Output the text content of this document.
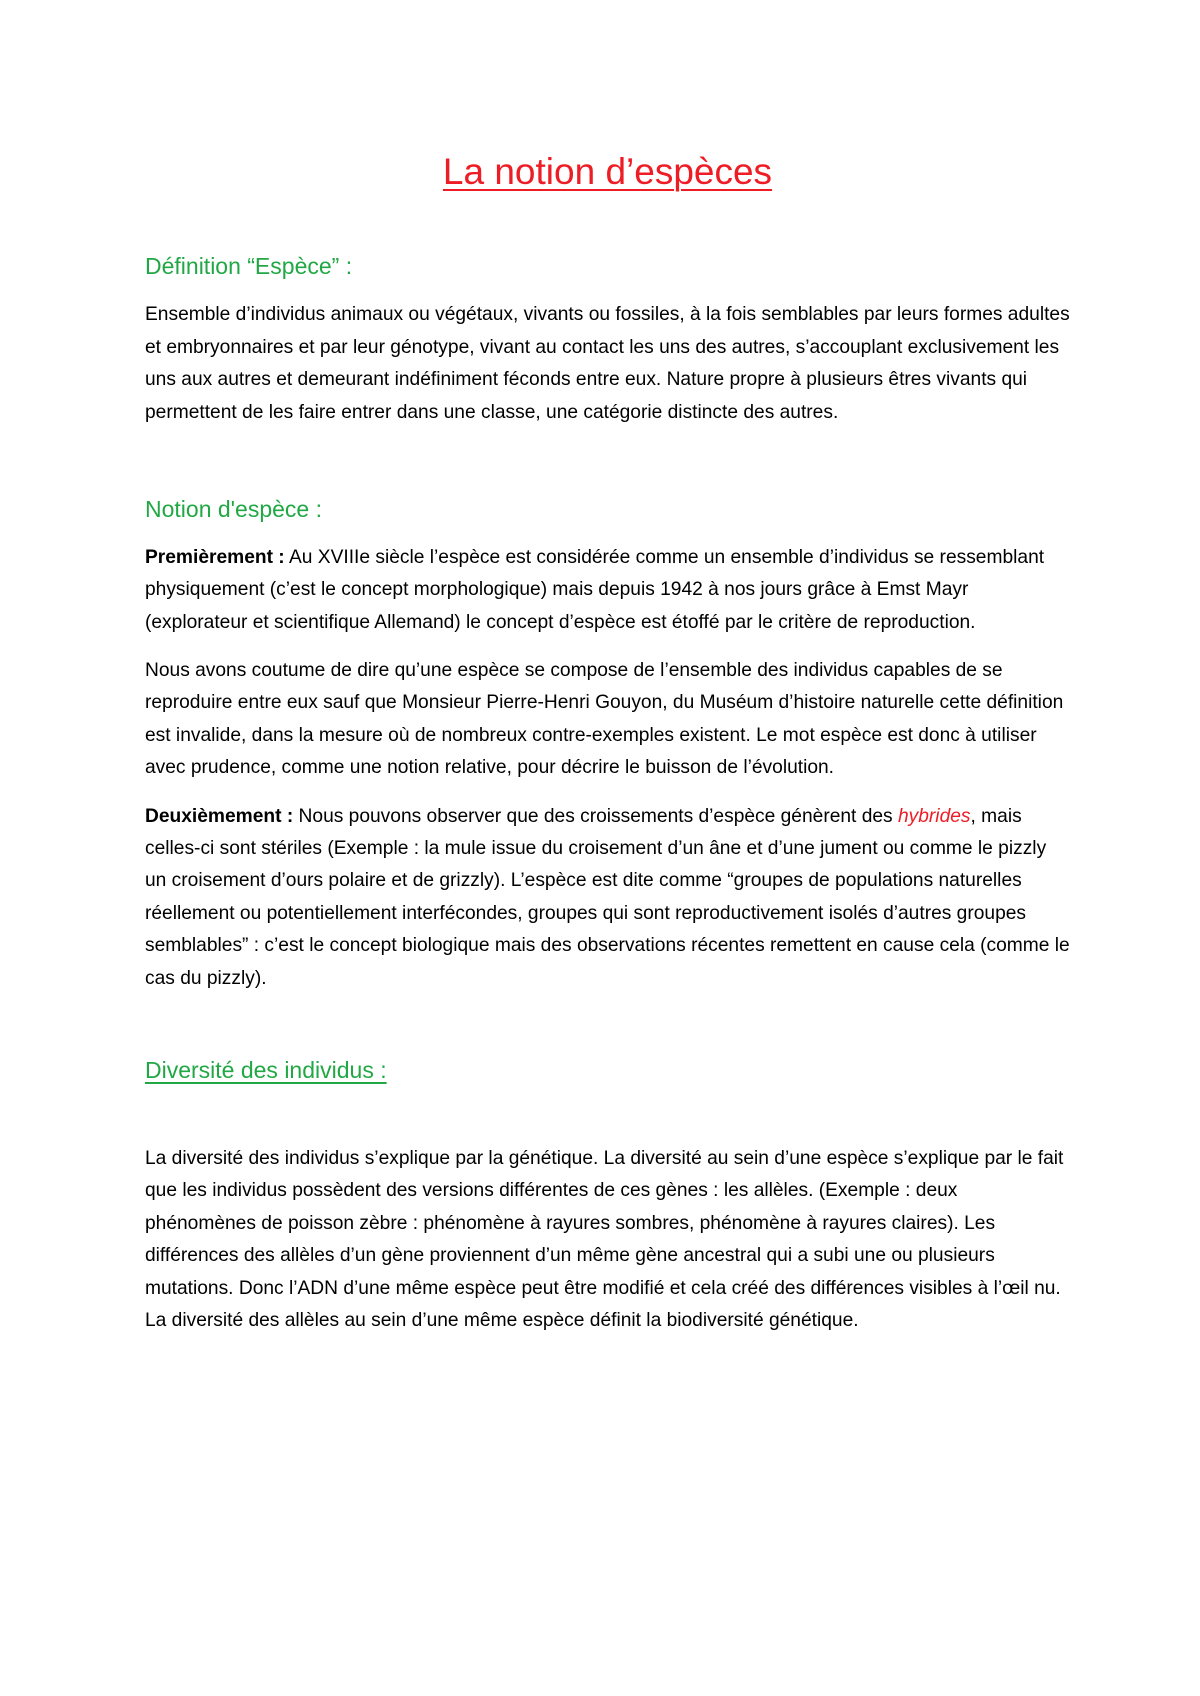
La notion d’espèces
Définition “Espèce” :

Ensemble d’individus animaux ou végétaux, vivants ou fossiles, à la fois semblables par leurs formes adultes et embryonnaires et par leur génotype, vivant au contact les uns des autres, s’accouplant exclusivement les uns aux autres et demeurant indéfiniment féconds entre eux. Nature propre à plusieurs êtres vivants qui permettent de les faire entrer dans une classe, une catégorie distincte des autres.

Notion d'espèce :

Premièrement : Au XVIIIe siècle l’espèce est considérée comme un ensemble d’individus se ressemblant physiquement (c’est le concept morphologique) mais depuis 1942 à nos jours grâce à Emst Mayr (explorateur et scientifique Allemand) le concept d’espèce est étoffé par le critère de reproduction.

Nous avons coutume de dire qu’une espèce se compose de l’ensemble des individus capables de se reproduire entre eux sauf que Monsieur Pierre-Henri Gouyon, du Muséum d’histoire naturelle cette définition est invalide, dans la mesure où de nombreux contre-exemples existent. Le mot espèce est donc à utiliser avec prudence, comme une notion relative, pour décrire le buisson de l’évolution.

Deuxièmement : Nous pouvons observer que des croissements d’espèce génèrent des hybrides, mais celles-ci sont stériles (Exemple : la mule issue du croisement d’un âne et d’une jument ou comme le pizzly un croisement d’ours polaire et de grizzly). L’espèce est dite comme “groupes de populations naturelles réellement ou potentiellement interfécondes, groupes qui sont reproductivement isolés d’autres groupes semblables” : c’est le concept biologique mais des observations récentes remettent en cause cela (comme le cas du pizzly).

Diversité des individus :

La diversité des individus s’explique par la génétique. La diversité au sein d’une espèce s’explique par le fait que les individus possèdent des versions différentes de ces gènes : les allèles. (Exemple : deux phénomènes de poisson zèbre : phénomène à rayures sombres, phénomène à rayures claires). Les différences des allèles d’un gène proviennent d’un même gène ancestral qui a subi une ou plusieurs mutations. Donc l’ADN d’une même espèce peut être modifié et cela créé des différences visibles à l’œil nu. La diversité des allèles au sein d’une même espèce définit la biodiversité génétique.
